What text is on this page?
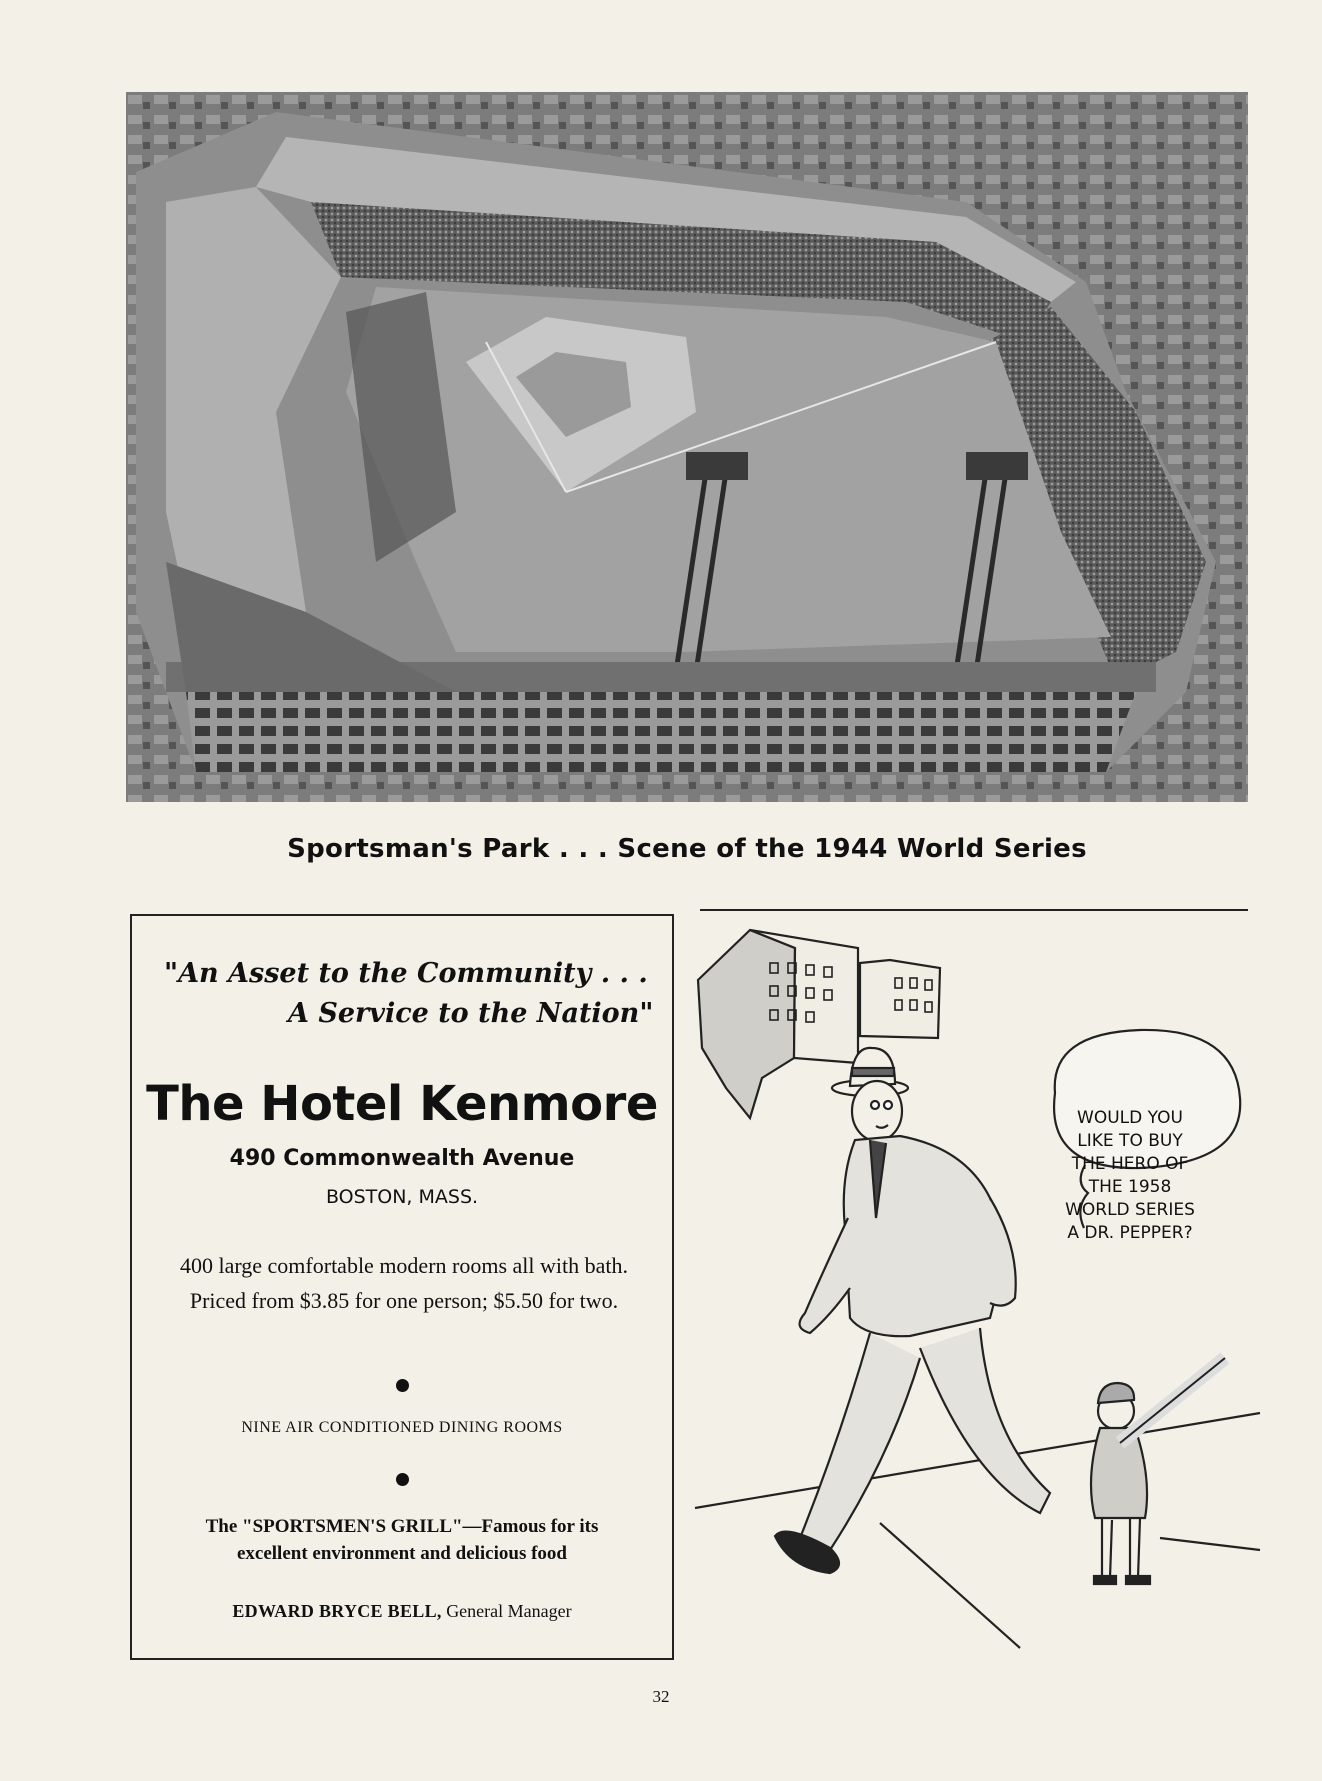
Sportsman's Park . . . Scene of the 1944 World Series
"An Asset to the Community . . .
A Service to the Nation"
The Hotel Kenmore
490 Commonwealth Avenue
BOSTON, MASS.
400 large comfortable modern rooms all with bath. Priced from $3.85 for one person; $5.50 for two.
NINE AIR CONDITIONED DINING ROOMS
The "SPORTSMEN'S GRILL"—Famous for its
excellent environment and delicious food
EDWARD BRYCE BELL, General Manager
WOULD YOU
LIKE TO BUY
THE HERO OF
THE 1958
WORLD SERIES
A DR. PEPPER?
32
